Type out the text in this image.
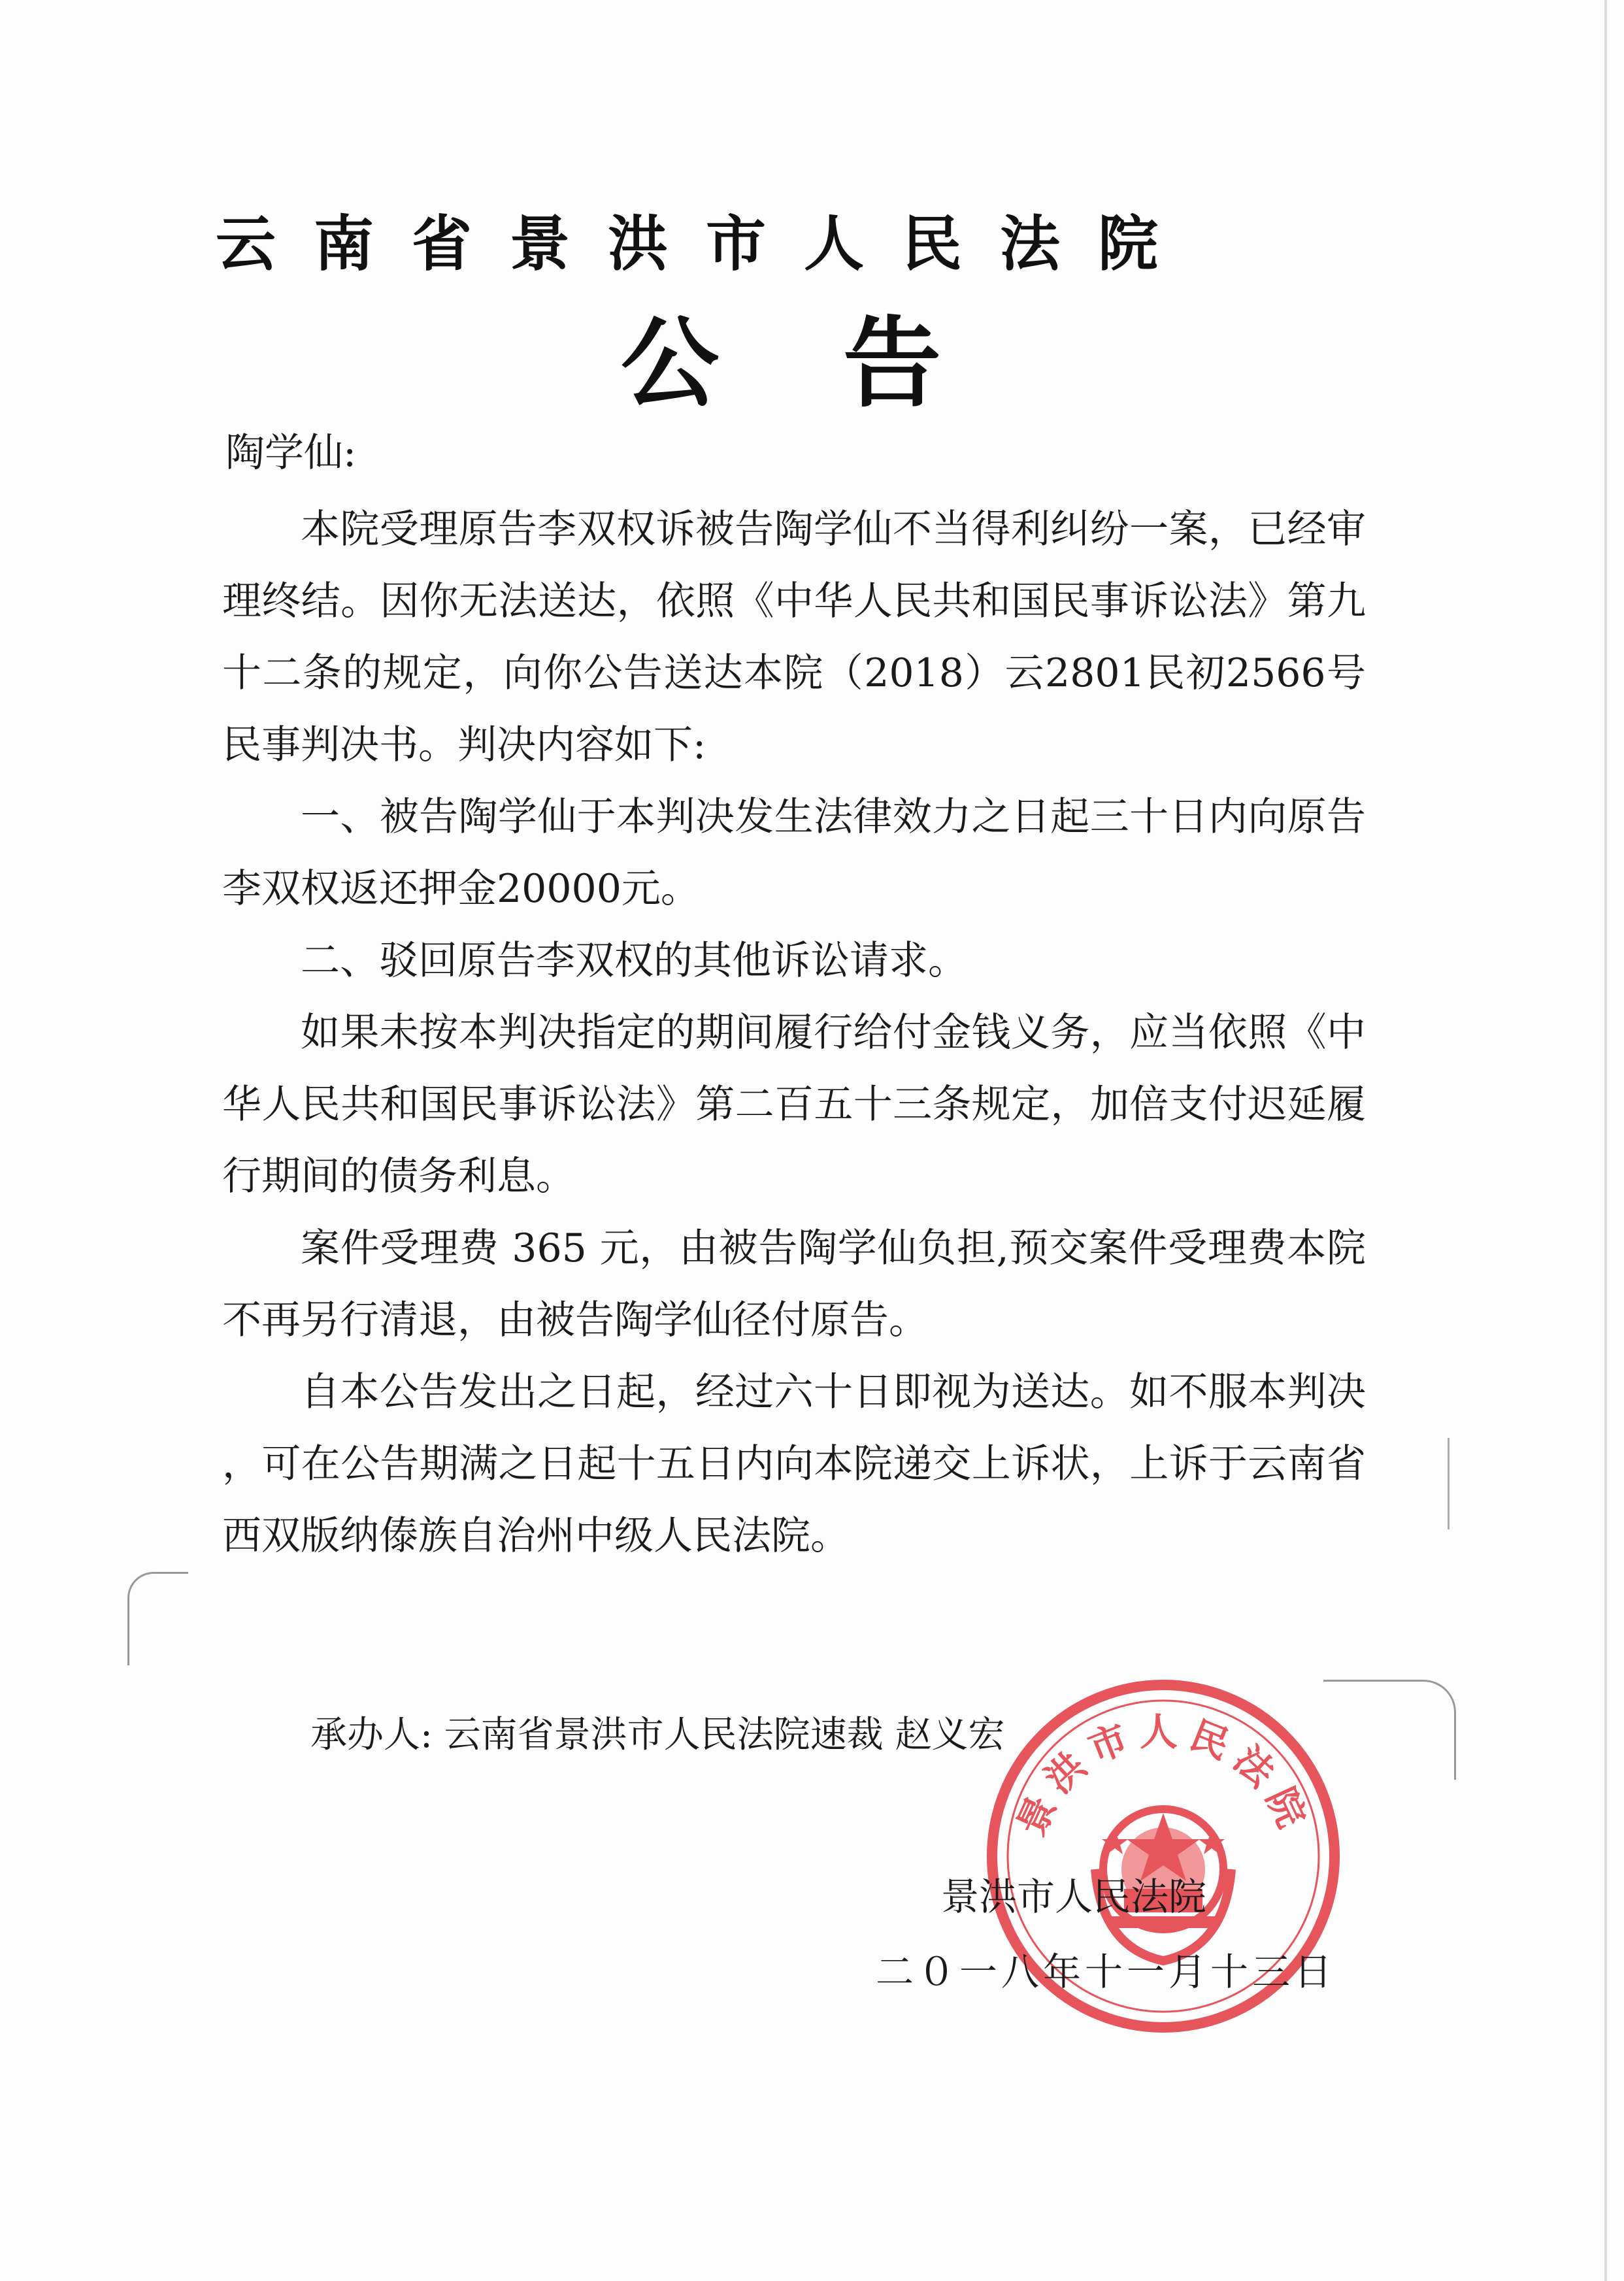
云南省景洪市人民法院
公告
陶学仙:

本院受理原告李双权诉被告陶学仙不当得利纠纷一案，已经审理终结。因你无法送达，依照《中华人民共和国民事诉讼法》第九十二条的规定，向你公告送达本院（2018）云2801民初2566号民事判决书。判决内容如下:

一、被告陶学仙于本判决发生法律效力之日起三十日内向原告李双权返还押金20000元。

二、驳回原告李双权的其他诉讼请求。

如果未按本判决指定的期间履行给付金钱义务，应当依照《中华人民共和国民事诉讼法》第二百五十三条规定，加倍支付迟延履行期间的债务利息。

案件受理费 365 元，由被告陶学仙负担,预交案件受理费本院不再另行清退，由被告陶学仙径付原告。

自本公告发出之日起，经过六十日即视为送达。如不服本判决 ，可在公告期满之日起十五日内向本院递交上诉状，上诉于云南省西双版纳傣族自治州中级人民法院。

承办人: 云南省景洪市人民法院速裁 赵义宏
景洪市人民法院
景洪市人民法院
二０一八年十一月十三日
